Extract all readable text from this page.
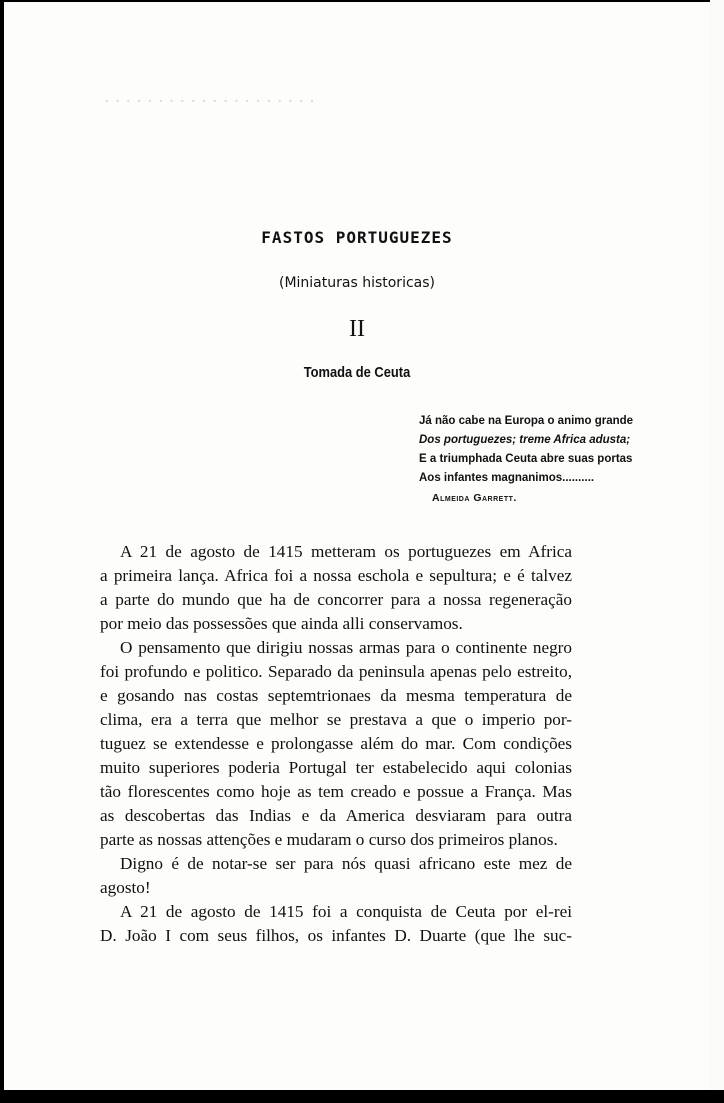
· · · · · · · · · · · · · · · · · · · ·
FASTOS PORTUGUEZES
(Miniaturas historicas)
II
Tomada de Ceuta
Já não cabe na Europa o animo grande
Dos portuguezes; treme Africa adusta;
E a triumphada Ceuta abre suas portas
Aos infantes magnanimos..........
Almeida Garrett.
A 21 de agosto de 1415 metteram os portuguezes em Africa
a primeira lança. Africa foi a nossa eschola e sepultura; e é talvez
a parte do mundo que ha de concorrer para a nossa regeneração
por meio das possessões que ainda alli conservamos.
O pensamento que dirigiu nossas armas para o continente negro
foi profundo e politico. Separado da peninsula apenas pelo estreito,
e gosando nas costas septemtrionaes da mesma temperatura de
clima, era a terra que melhor se prestava a que o imperio por-
tuguez se extendesse e prolongasse além do mar. Com condições
muito superiores poderia Portugal ter estabelecido aqui colonias
tão florescentes como hoje as tem creado e possue a França. Mas
as descobertas das Indias e da America desviaram para outra
parte as nossas attenções e mudaram o curso dos primeiros planos.
Digno é de notar-se ser para nós quasi africano este mez de
agosto!
A 21 de agosto de 1415 foi a conquista de Ceuta por el-rei
D. João I com seus filhos, os infantes D. Duarte (que lhe suc-
